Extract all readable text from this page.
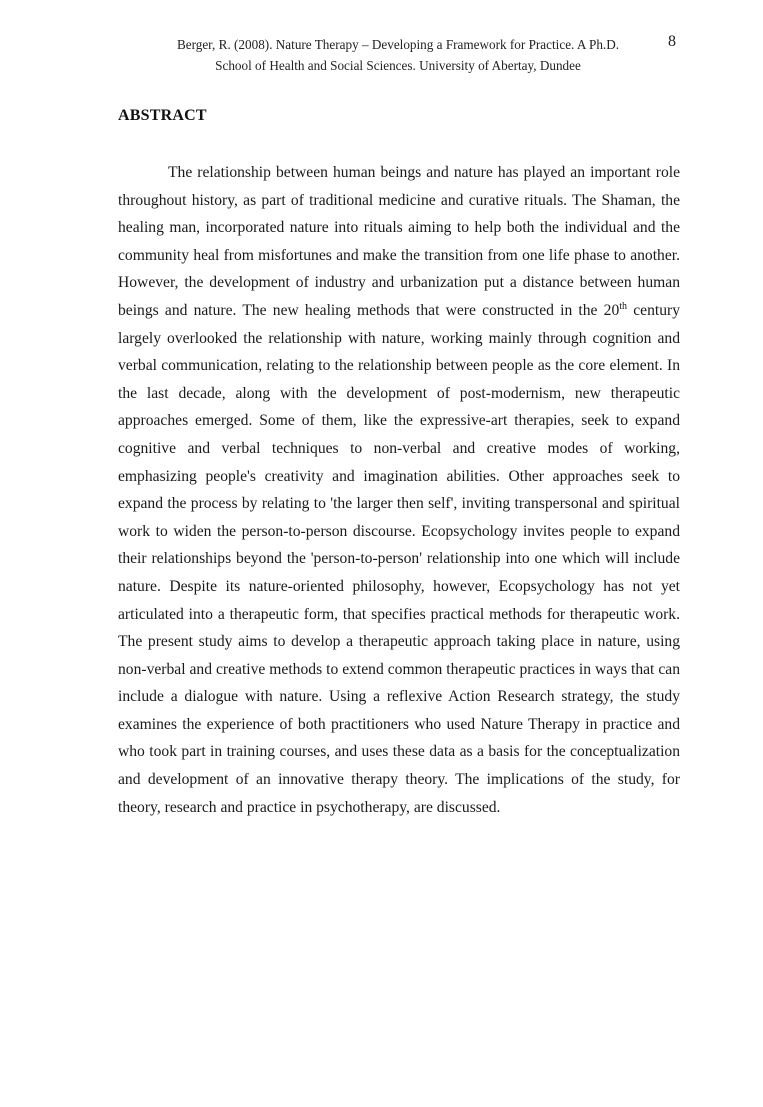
Berger, R. (2008). Nature Therapy – Developing a Framework for Practice. A Ph.D.
School of Health and Social Sciences. University of Abertay, Dundee
8
ABSTRACT

The relationship between human beings and nature has played an important role throughout history, as part of traditional medicine and curative rituals. The Shaman, the healing man, incorporated nature into rituals aiming to help both the individual and the community heal from misfortunes and make the transition from one life phase to another. However, the development of industry and urbanization put a distance between human beings and nature. The new healing methods that were constructed in the 20th century largely overlooked the relationship with nature, working mainly through cognition and verbal communication, relating to the relationship between people as the core element. In the last decade, along with the development of post-modernism, new therapeutic approaches emerged. Some of them, like the expressive-art therapies, seek to expand cognitive and verbal techniques to non-verbal and creative modes of working, emphasizing people's creativity and imagination abilities. Other approaches seek to expand the process by relating to 'the larger then self', inviting transpersonal and spiritual work to widen the person-to-person discourse. Ecopsychology invites people to expand their relationships beyond the 'person-to-person' relationship into one which will include nature. Despite its nature-oriented philosophy, however, Ecopsychology has not yet articulated into a therapeutic form, that specifies practical methods for therapeutic work. The present study aims to develop a therapeutic approach taking place in nature, using non-verbal and creative methods to extend common therapeutic practices in ways that can include a dialogue with nature. Using a reflexive Action Research strategy, the study examines the experience of both practitioners who used Nature Therapy in practice and who took part in training courses, and uses these data as a basis for the conceptualization and development of an innovative therapy theory. The implications of the study, for theory, research and practice in psychotherapy, are discussed.
